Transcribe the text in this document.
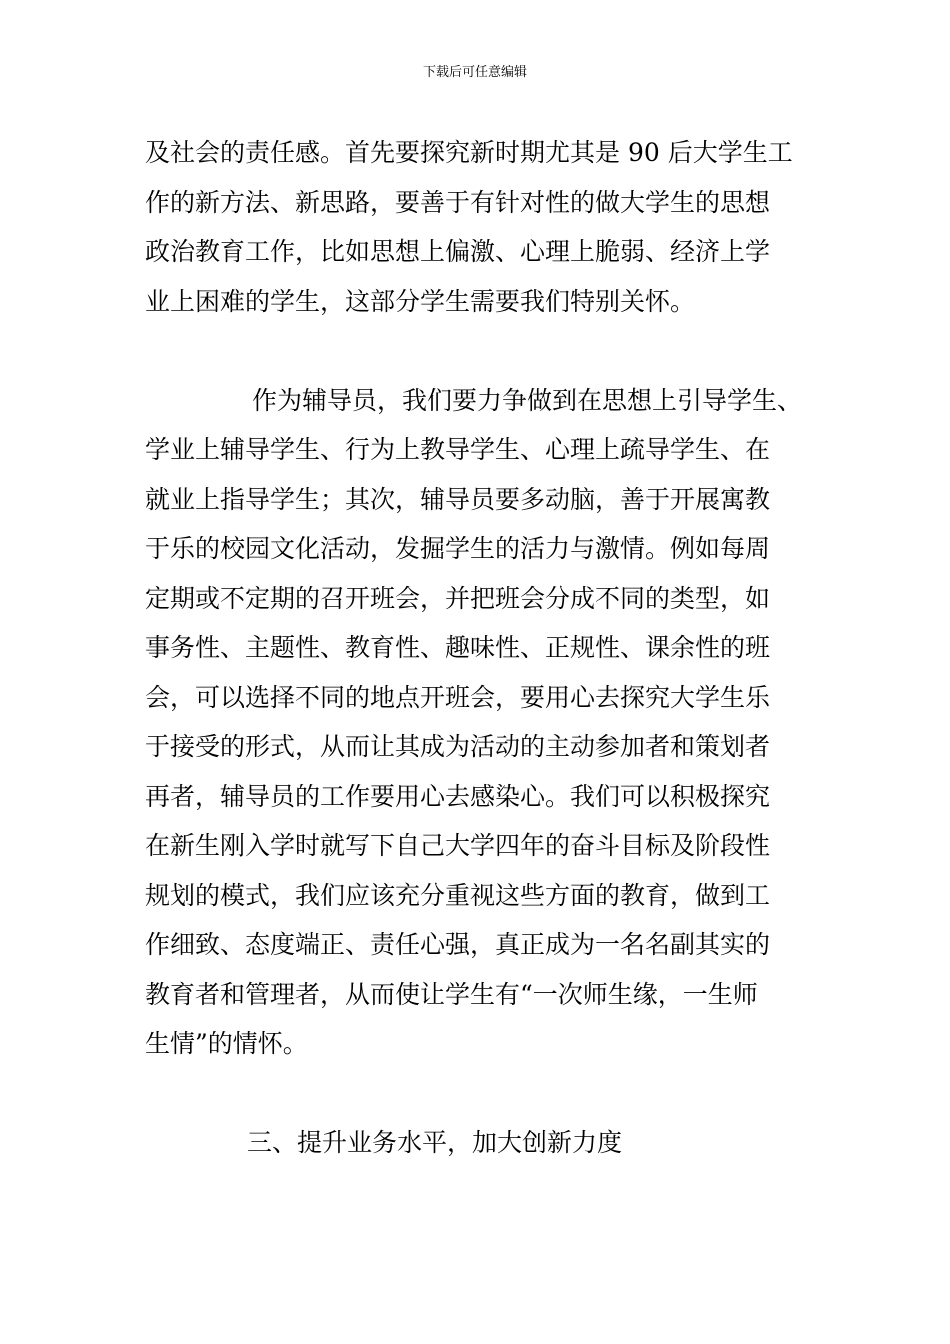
下载后可任意编辑
及社会的责任感。首先要探究新时期尤其是 90 后大学生工
作的新方法、新思路，要善于有针对性的做大学生的思想
政治教育工作，比如思想上偏激、心理上脆弱、经济上学
业上困难的学生，这部分学生需要我们特别关怀。
作为辅导员，我们要力争做到在思想上引导学生、
学业上辅导学生、行为上教导学生、心理上疏导学生、在
就业上指导学生；其次，辅导员要多动脑，善于开展寓教
于乐的校园文化活动，发掘学生的活力与激情。例如每周
定期或不定期的召开班会，并把班会分成不同的类型，如
事务性、主题性、教育性、趣味性、正规性、课余性的班
会，可以选择不同的地点开班会，要用心去探究大学生乐
于接受的形式，从而让其成为活动的主动参加者和策划者
再者，辅导员的工作要用心去感染心。我们可以积极探究
在新生刚入学时就写下自己大学四年的奋斗目标及阶段性
规划的模式，我们应该充分重视这些方面的教育，做到工
作细致、态度端正、责任心强，真正成为一名名副其实的
教育者和管理者，从而使让学生有“一次师生缘，一生师
生情”的情怀。
三、提升业务水平，加大创新力度
